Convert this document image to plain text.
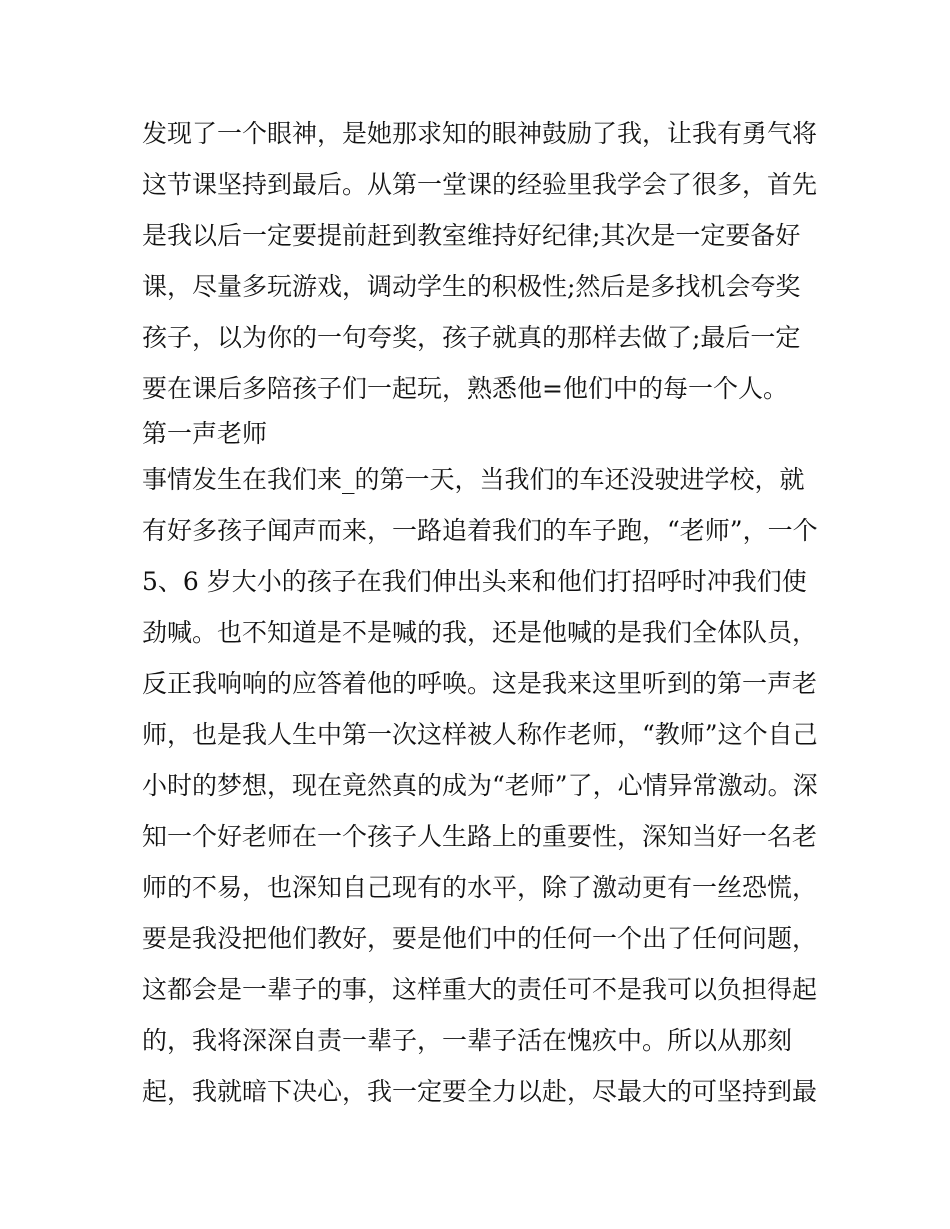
发现了一个眼神，是她那求知的眼神鼓励了我，让我有勇气将
这节课坚持到最后。从第一堂课的经验里我学会了很多，首先
是我以后一定要提前赶到教室维持好纪律;其次是一定要备好
课，尽量多玩游戏，调动学生的积极性;然后是多找机会夸奖
孩子，以为你的一句夸奖，孩子就真的那样去做了;最后一定
要在课后多陪孩子们一起玩，熟悉他=他们中的每一个人。
第一声老师
事情发生在我们来_的第一天，当我们的车还没驶进学校，就
有好多孩子闻声而来，一路追着我们的车子跑，“老师”，一个
5、6 岁大小的孩子在我们伸出头来和他们打招呼时冲我们使
劲喊。也不知道是不是喊的我，还是他喊的是我们全体队员，
反正我响响的应答着他的呼唤。这是我来这里听到的第一声老
师，也是我人生中第一次这样被人称作老师，“教师”这个自己
小时的梦想，现在竟然真的成为“老师”了，心情异常激动。深
知一个好老师在一个孩子人生路上的重要性，深知当好一名老
师的不易，也深知自己现有的水平，除了激动更有一丝恐慌，
要是我没把他们教好，要是他们中的任何一个出了任何问题，
这都会是一辈子的事，这样重大的责任可不是我可以负担得起
的，我将深深自责一辈子，一辈子活在愧疚中。所以从那刻
起，我就暗下决心，我一定要全力以赴，尽最大的可坚持到最
